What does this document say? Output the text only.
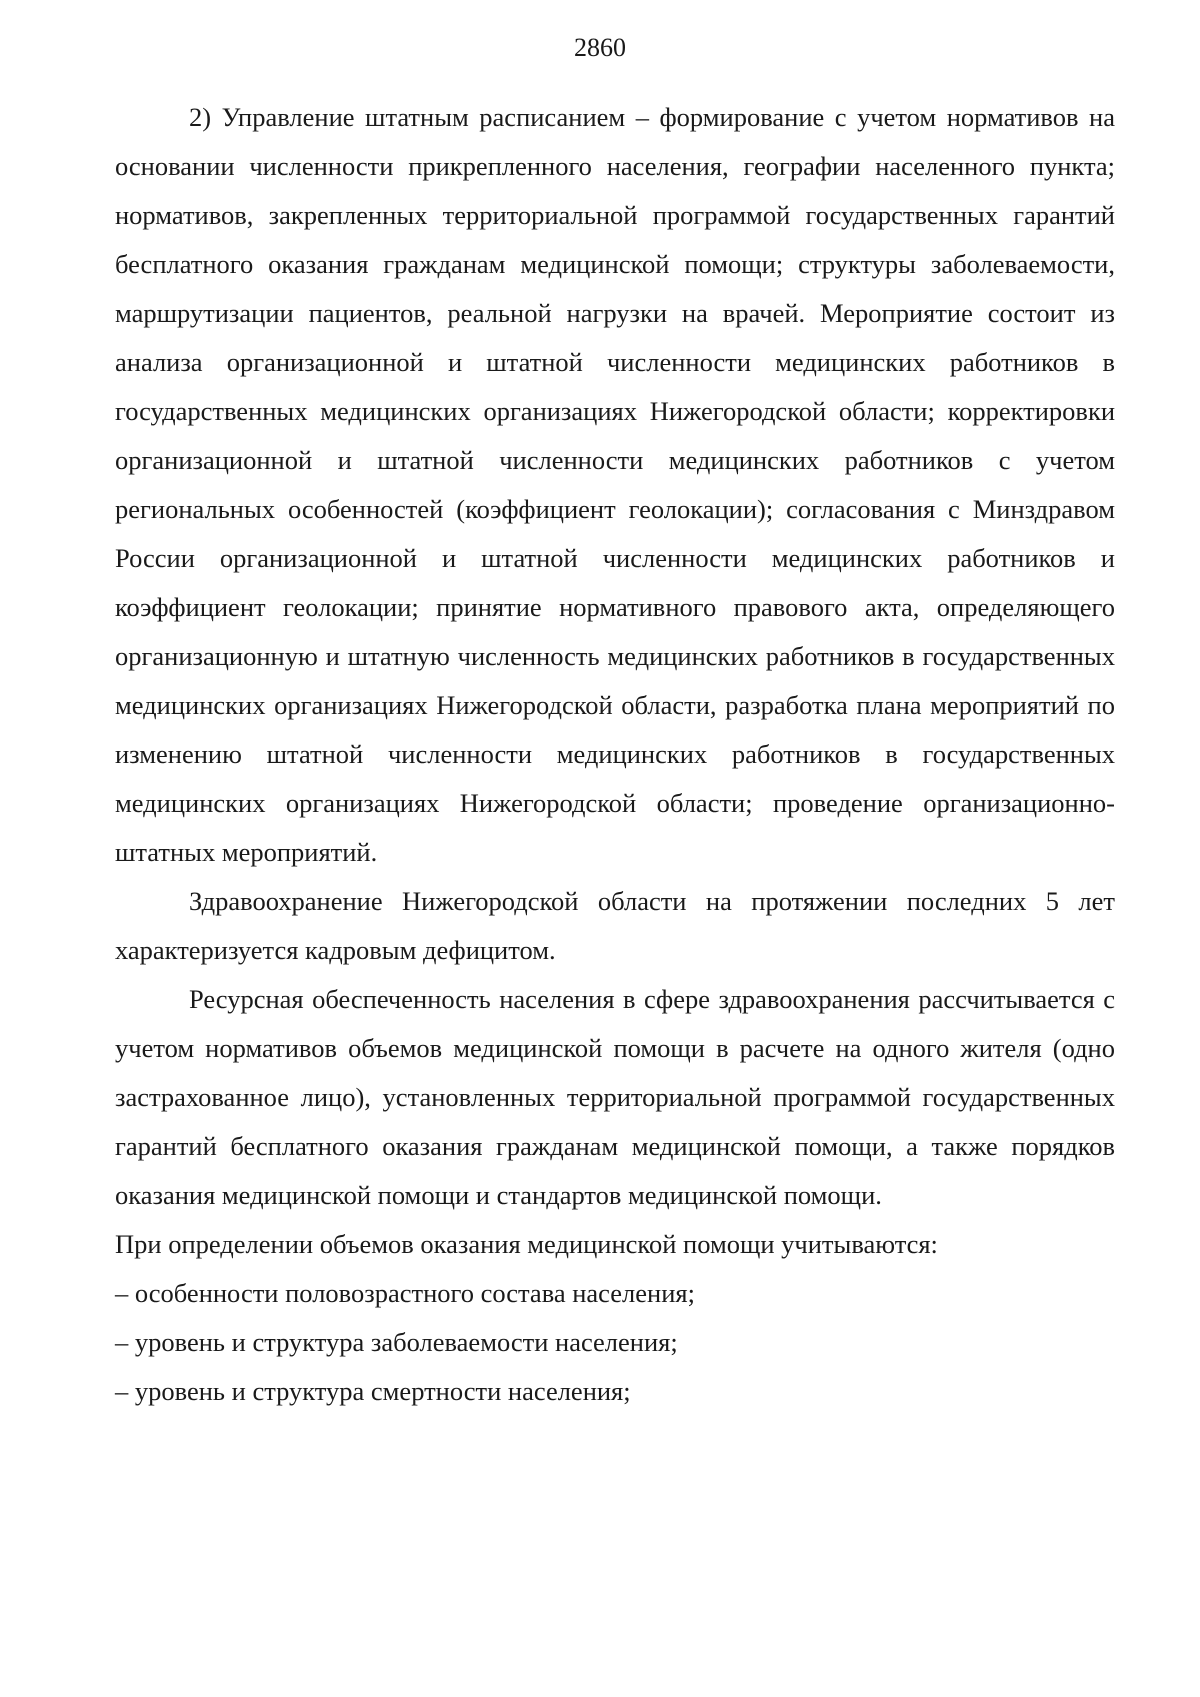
2860

2) Управление штатным расписанием – формирование с учетом нормативов на основании численности прикрепленного населения, географии населенного пункта; нормативов, закрепленных территориальной программой государственных гарантий бесплатного оказания гражданам медицинской помощи; структуры заболеваемости, маршрутизации пациентов, реальной нагрузки на врачей. Мероприятие состоит из анализа организационной и штатной численности медицинских работников в государственных медицинских организациях Нижегородской области; корректировки организационной и штатной численности медицинских работников с учетом региональных особенностей (коэффициент геолокации); согласования с Минздравом России организационной и штатной численности медицинских работников и коэффициент геолокации; принятие нормативного правового акта, определяющего организационную и штатную численность медицинских работников в государственных медицинских организациях Нижегородской области, разработка плана мероприятий по изменению штатной численности медицинских работников в государственных медицинских организациях Нижегородской области; проведение организационно-штатных мероприятий.

Здравоохранение Нижегородской области на протяжении последних 5 лет характеризуется кадровым дефицитом.

Ресурсная обеспеченность населения в сфере здравоохранения рассчитывается с учетом нормативов объемов медицинской помощи в расчете на одного жителя (одно застрахованное лицо), установленных территориальной программой государственных гарантий бесплатного оказания гражданам медицинской помощи, а также порядков оказания медицинской помощи и стандартов медицинской помощи.

При определении объемов оказания медицинской помощи учитываются:

– особенности половозрастного состава населения;

– уровень и структура заболеваемости населения;

– уровень и структура смертности населения;
